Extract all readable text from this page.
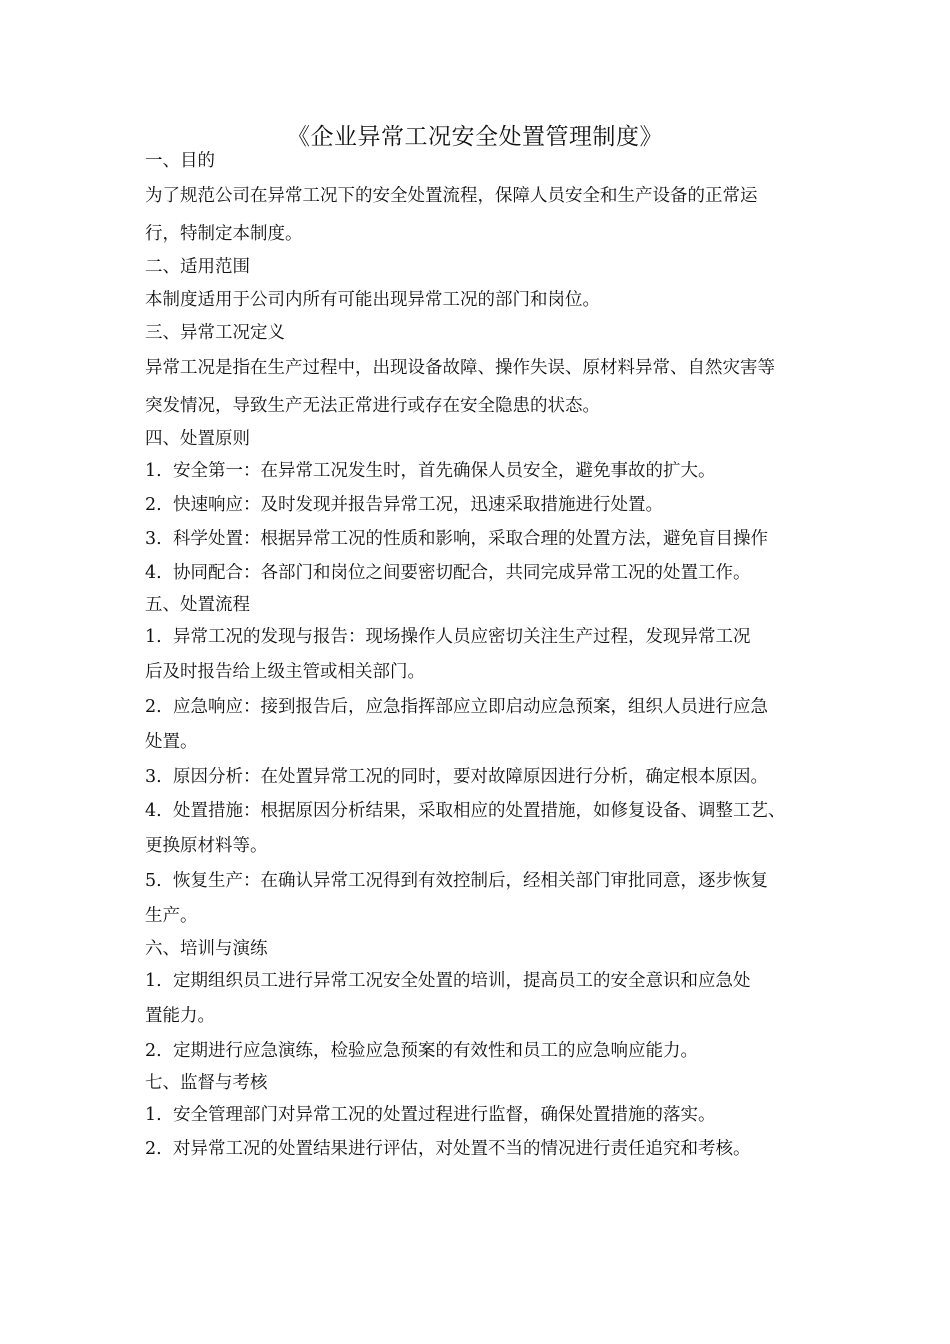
《企业异常工况安全处置管理制度》
一、目的
为了规范公司在异常工况下的安全处置流程，保障人员安全和生产设备的正常运
行，特制定本制度。
二、适用范围
本制度适用于公司内所有可能出现异常工况的部门和岗位。
三、异常工况定义
异常工况是指在生产过程中，出现设备故障、操作失误、原材料异常、自然灾害等
突发情况，导致生产无法正常进行或存在安全隐患的状态。
四、处置原则
1. 安全第一：在异常工况发生时，首先确保人员安全，避免事故的扩大。
2. 快速响应：及时发现并报告异常工况，迅速采取措施进行处置。
3. 科学处置：根据异常工况的性质和影响，采取合理的处置方法，避免盲目操作
4. 协同配合：各部门和岗位之间要密切配合，共同完成异常工况的处置工作。
五、处置流程
1. 异常工况的发现与报告：现场操作人员应密切关注生产过程，发现异常工况
后及时报告给上级主管或相关部门。
2. 应急响应：接到报告后，应急指挥部应立即启动应急预案，组织人员进行应急
处置。
3. 原因分析：在处置异常工况的同时，要对故障原因进行分析，确定根本原因。
4. 处置措施：根据原因分析结果，采取相应的处置措施，如修复设备、调整工艺、
更换原材料等。
5. 恢复生产：在确认异常工况得到有效控制后，经相关部门审批同意，逐步恢复
生产。
六、培训与演练
1. 定期组织员工进行异常工况安全处置的培训，提高员工的安全意识和应急处
置能力。
2. 定期进行应急演练，检验应急预案的有效性和员工的应急响应能力。
七、监督与考核
1. 安全管理部门对异常工况的处置过程进行监督，确保处置措施的落实。
2. 对异常工况的处置结果进行评估，对处置不当的情况进行责任追究和考核。
